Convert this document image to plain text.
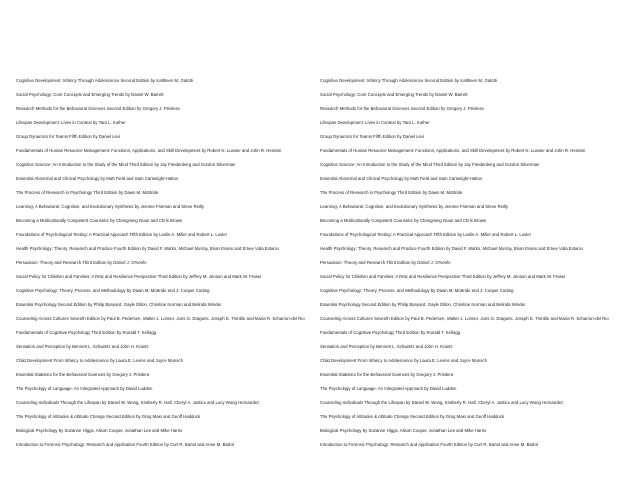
Cognitive Development: Infancy Through Adolescence Second Edition by Kathleen M. Galotti
Social Psychology: Core Concepts and Emerging Trends by Daniel W. Barrett
Research Methods for the Behavioral Sciences Second Edition by Gregory J. Privitera
Lifespan Development: Lives in Context by Tara L. Kuther
Group Dynamics for Teams Fifth Edition by Daniel Levi
Fundamentals of Human Resource Management: Functions, Applications, and Skill Development by Robert N. Lussier and John R. Hendon
Cognitive Science: An Introduction to the Study of the Mind Third Edition by Jay Friedenberg and Gordon Silverman
Essential Abnormal and Clinical Psychology by Matt Field and Sam Cartwright-Hatton
The Process of Research in Psychology Third Edition by Dawn M. McBride
Learning: A Behavioral, Cognitive, and Evolutionary Synthesis by Jerome Frieman and Steve Reilly
Becoming a Multiculturally Competent Counselor by Changming Duan and Chris Brown
Foundations of Psychological Testing: A Practical Approach Fifth Edition by Leslie A. Miller and Robert L. Lovler
Health Psychology: Theory, Research and Practice Fourth Edition by David F. Marks, Michael Murray, Brian Evans and Emee Vida Estacio
Persuasion: Theory and Research Third Edition by Daniel J. O'Keefe
Social Policy for Children and Families: A Risk and Resilience Perspective Third Edition by Jeffrey M. Jenson and Mark W. Fraser
Cognitive Psychology: Theory, Process, and Methodology by Dawn M. McBride and J. Cooper Cutting
Essential Psychology Second Edition by Philip Banyard, Gayle Dillon, Christine Norman and Belinda Winder
Counseling Across Cultures Seventh Edition by Paul B. Pedersen, Walter J. Lonner, Juris G. Draguns, Joseph E. Trimble and Maria R. Scharron-del Rio
Fundamentals of Cognitive Psychology Third Edition by Ronald T. Kellogg
Sensation and Perception by Bennett L. Schwartz and John H. Krantz
Child Development From Infancy to Adolescence by Laura E. Levine and Joyce Munsch
Essential Statistics for the Behavioral Sciences by Gregory J. Privitera
The Psychology of Language: An Integrated Approach by David Ludden
Counseling Individuals Through the Lifespan by Daniel W. Wong, Kimberly R. Hall, Cheryl A. Justice and Lucy Wong Hernandez
The Psychology of Attitudes & Attitude Change Second Edition by Greg Maio and Geoff Haddock
Biological Psychology by Suzanne Higgs, Alison Cooper, Jonathan Lee and Mike Harris
Introduction to Forensic Psychology: Research and Application Fourth Edition by Curt R. Bartol and Anne M. Bartol
Cognitive Development: Infancy Through Adolescence Second Edition by Kathleen M. Galotti
Social Psychology: Core Concepts and Emerging Trends by Daniel W. Barrett
Research Methods for the Behavioral Sciences Second Edition by Gregory J. Privitera
Lifespan Development: Lives in Context by Tara L. Kuther
Group Dynamics for Teams Fifth Edition by Daniel Levi
Fundamentals of Human Resource Management: Functions, Applications, and Skill Development by Robert N. Lussier and John R. Hendon
Cognitive Science: An Introduction to the Study of the Mind Third Edition by Jay Friedenberg and Gordon Silverman
Essential Abnormal and Clinical Psychology by Matt Field and Sam Cartwright-Hatton
The Process of Research in Psychology Third Edition by Dawn M. McBride
Learning: A Behavioral, Cognitive, and Evolutionary Synthesis by Jerome Frieman and Steve Reilly
Becoming a Multiculturally Competent Counselor by Changming Duan and Chris Brown
Foundations of Psychological Testing: A Practical Approach Fifth Edition by Leslie A. Miller and Robert L. Lovler
Health Psychology: Theory, Research and Practice Fourth Edition by David F. Marks, Michael Murray, Brian Evans and Emee Vida Estacio
Persuasion: Theory and Research Third Edition by Daniel J. O'Keefe
Social Policy for Children and Families: A Risk and Resilience Perspective Third Edition by Jeffrey M. Jenson and Mark W. Fraser
Cognitive Psychology: Theory, Process, and Methodology by Dawn M. McBride and J. Cooper Cutting
Essential Psychology Second Edition by Philip Banyard, Gayle Dillon, Christine Norman and Belinda Winder
Counseling Across Cultures Seventh Edition by Paul B. Pedersen, Walter J. Lonner, Juris G. Draguns, Joseph E. Trimble and Maria R. Scharron-del Rio
Fundamentals of Cognitive Psychology Third Edition by Ronald T. Kellogg
Sensation and Perception by Bennett L. Schwartz and John H. Krantz
Child Development From Infancy to Adolescence by Laura E. Levine and Joyce Munsch
Essential Statistics for the Behavioral Sciences by Gregory J. Privitera
The Psychology of Language: An Integrated Approach by David Ludden
Counseling Individuals Through the Lifespan by Daniel W. Wong, Kimberly R. Hall, Cheryl A. Justice and Lucy Wong Hernandez
The Psychology of Attitudes & Attitude Change Second Edition by Greg Maio and Geoff Haddock
Biological Psychology by Suzanne Higgs, Alison Cooper, Jonathan Lee and Mike Harris
Introduction to Forensic Psychology: Research and Application Fourth Edition by Curt R. Bartol and Anne M. Bartol
